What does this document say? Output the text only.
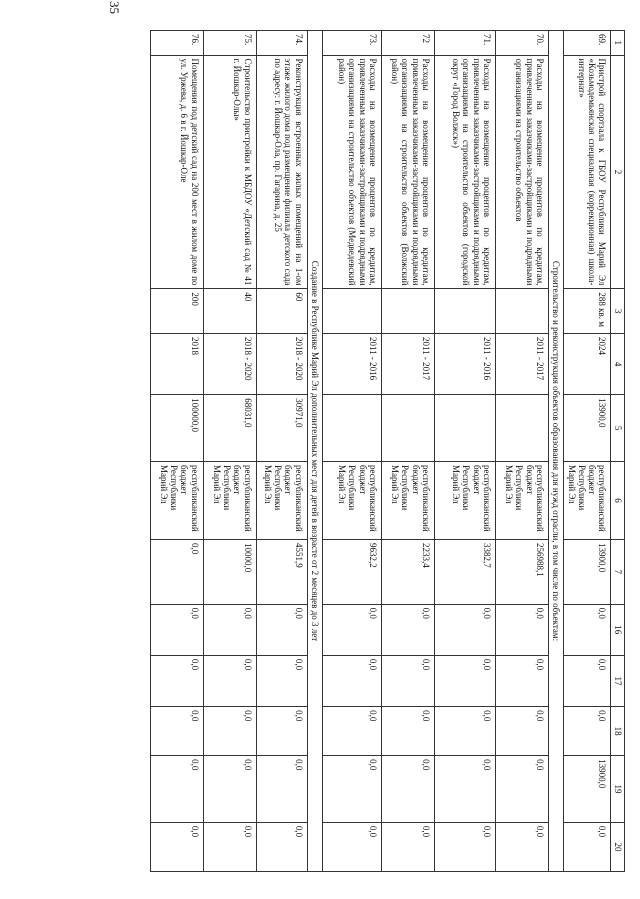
35
1	2	3	4	5	6	7	16	17	18	19	20
69.	Пристрой спортзала к ГБОУ Республики Марий Эл «Козьмодемьянская специальная (коррекционная) школа-интернат»	288 кв. м	2024	13900,0	республиканский бюджет Республики Марий Эл	13900,0	0,0	0,0	0,0	13900,0	0,0
Строительство и реконструкция объектов образования для нужд отрасли, в том числе по объектам:											
70.	Расходы на возмещение процентов по кредитам, привлеченным заказчиками-застройщиками и подрядными организациями на строительство объектов		2011 - 2017		республиканский бюджет Республики Марий Эл	256988,1	0,0	0,0	0,0	0,0	0,0
71.	Расходы на возмещение процентов по кредитам, привлеченным заказчиками-застройщиками и подрядными организациями на строительство объектов (городской округ «Город Волжск»)		2011 - 2016		республиканский бюджет Республики Марий Эл	3382,7	0,0	0,0	0,0	0,0	0,0
72	Расходы на возмещение процентов по кредитам, привлеченным заказчиками-застройщиками и подрядными организациями на строительство объектов (Волжский район)		2011 - 2017		республиканский бюджет Республики Марий Эл	2233,4	0,0	0,0	0,0	0,0	0,0
73.	Расходы на возмещение процентов по кредитам, привлеченным заказчиками-застройщиками и подрядными организациями на строительство объектов (Медведевский район)		2011 - 2016		республиканский бюджет Республики Марий Эл	9632,2	0,0	0,0	0,0	0,0	0,0
Создание в Республике Марий Эл дополнительных мест для детей в возрасте от 2 месяцев до 3 лет											
74.	Реконструкция встроенных жилых помещений на 1-ом этаже жилого дома под размещение филиала детского сада по адресу: г. Йошкар-Ола, пр. Гагарина, д. 25	60	2018 - 2020	30971,0	республиканский бюджет Республики Марий Эл	4551,9	0,0	0,0	0,0	0,0	0,0
75.	Строительство пристройки к МБДОУ «Детский сад № 41 г. Йошкар-Олы»	40	2018 - 2020	68031,0	республиканский бюджет Республики Марий Эл	10000,0	0,0	0,0	0,0	0,0	0,0
76.	Помещения под детский сад на 200 мест в жилом доме по ул. Уржева, д. 6 в г. Йошкар-Оле	200	2018	100000,0	республиканский бюджет Республики Марий Эл	0,0	0,0	0,0	0,0	0,0	0,0
